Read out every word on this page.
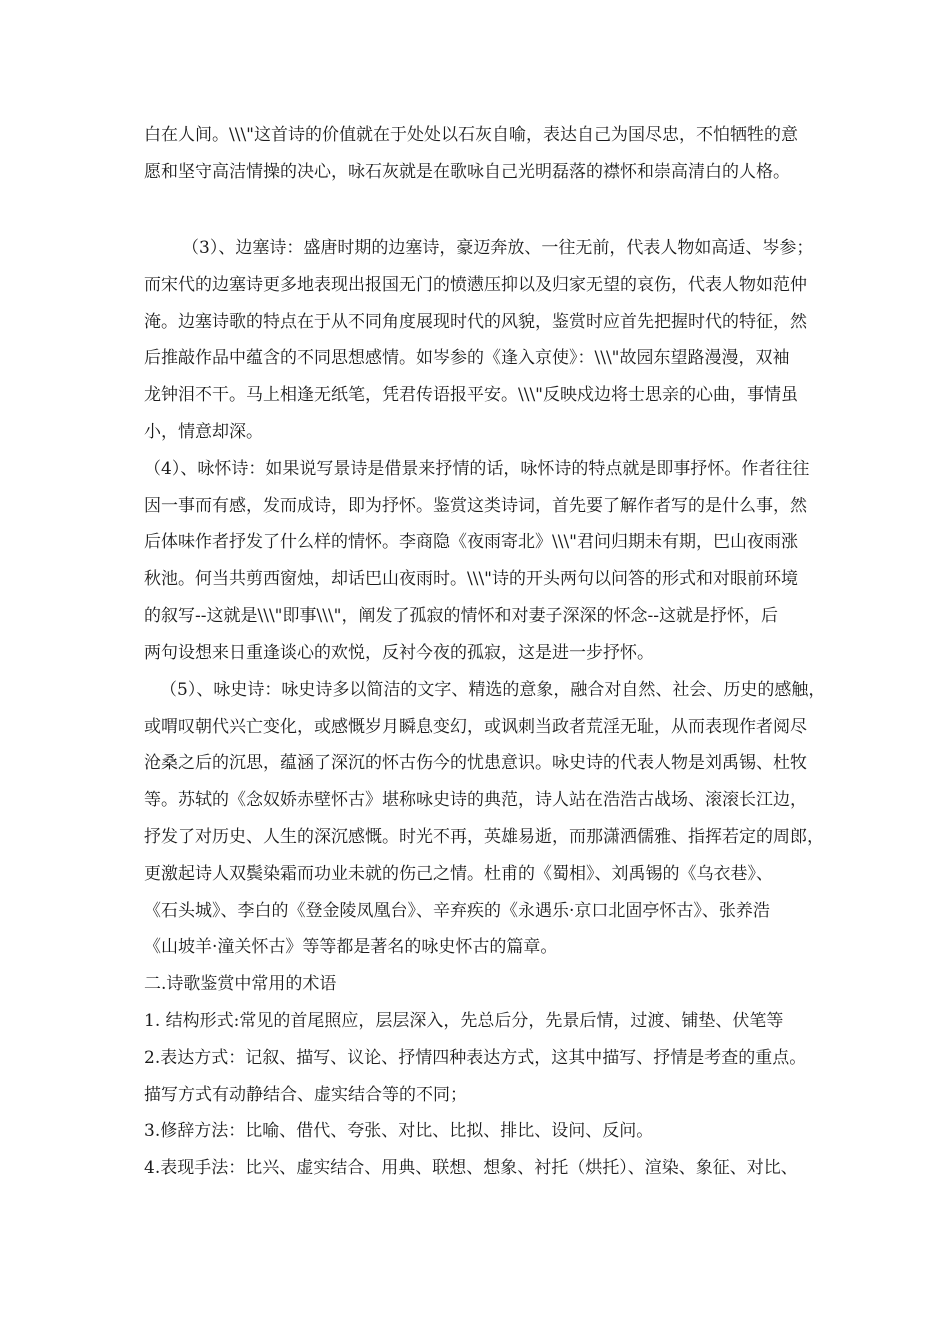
白在人间。\\\"这首诗的价值就在于处处以石灰自喻，表达自己为国尽忠，不怕牺牲的意
愿和坚守高洁情操的决心，咏石灰就是在歌咏自己光明磊落的襟怀和崇高清白的人格。
（3）、边塞诗：盛唐时期的边塞诗，豪迈奔放、一往无前，代表人物如高适、岑参；
而宋代的边塞诗更多地表现出报国无门的愤懑压抑以及归家无望的哀伤，代表人物如范仲
淹。边塞诗歌的特点在于从不同角度展现时代的风貌，鉴赏时应首先把握时代的特征，然
后推敲作品中蕴含的不同思想感情。如岑参的《逢入京使》：\\\"故园东望路漫漫，双袖
龙钟泪不干。马上相逢无纸笔，凭君传语报平安。\\\"反映戍边将士思亲的心曲，事情虽
小，情意却深。
（4）、咏怀诗：如果说写景诗是借景来抒情的话，咏怀诗的特点就是即事抒怀。作者往往
因一事而有感，发而成诗，即为抒怀。鉴赏这类诗词，首先要了解作者写的是什么事，然
后体味作者抒发了什么样的情怀。李商隐《夜雨寄北》\\\"君问归期未有期，巴山夜雨涨
秋池。何当共剪西窗烛，却话巴山夜雨时。\\\"诗的开头两句以问答的形式和对眼前环境
的叙写--这就是\\\"即事\\\"，阐发了孤寂的情怀和对妻子深深的怀念--这就是抒怀，后
两句设想来日重逢谈心的欢悦，反衬今夜的孤寂，这是进一步抒怀。
（5）、咏史诗：咏史诗多以简洁的文字、精选的意象，融合对自然、社会、历史的感触，
或喟叹朝代兴亡变化，或感慨岁月瞬息变幻，或讽刺当政者荒淫无耻，从而表现作者阅尽
沧桑之后的沉思，蕴涵了深沉的怀古伤今的忧患意识。咏史诗的代表人物是刘禹锡、杜牧
等。苏轼的《念奴娇赤壁怀古》堪称咏史诗的典范，诗人站在浩浩古战场、滚滚长江边，
抒发了对历史、人生的深沉感慨。时光不再，英雄易逝，而那潇洒儒雅、指挥若定的周郎，
更激起诗人双鬓染霜而功业未就的伤己之情。杜甫的《蜀相》、刘禹锡的《乌衣巷》、
《石头城》、李白的《登金陵凤凰台》、辛弃疾的《永遇乐·京口北固亭怀古》、张养浩
《山坡羊·潼关怀古》等等都是著名的咏史怀古的篇章。
二.诗歌鉴赏中常用的术语
1. 结构形式:常见的首尾照应，层层深入，先总后分，先景后情，过渡、铺垫、伏笔等
2.表达方式：记叙、描写、议论、抒情四种表达方式，这其中描写、抒情是考查的重点。
描写方式有动静结合、虚实结合等的不同；
3.修辞方法：比喻、借代、夸张、对比、比拟、排比、设问、反问。
4.表现手法：比兴、虚实结合、用典、联想、想象、衬托（烘托）、渲染、象征、对比、
